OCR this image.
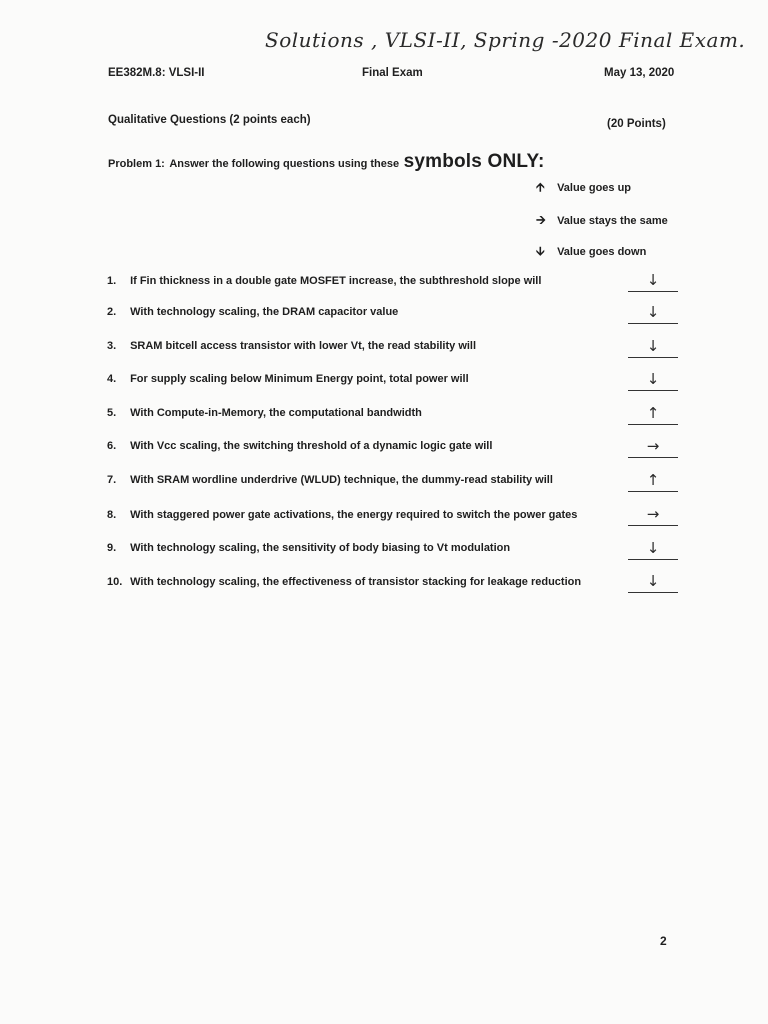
Solutions , VLSI-II, Spring -2020 Final Exam.
EE382M.8: VLSI-II	Final Exam	May 13, 2020
Qualitative Questions (2 points each)	(20 Points)
Problem 1: Answer the following questions using these symbols ONLY:
🡩 Value goes up
🡪 Value stays the same
🡫 Value goes down
1. If Fin thickness in a double gate MOSFET increase, the subthreshold slope will	↓
2. With technology scaling, the DRAM capacitor value	↓
3. SRAM bitcell access transistor with lower Vt, the read stability will	↓
4. For supply scaling below Minimum Energy point, total power will	↓
5. With Compute-in-Memory, the computational bandwidth	↑
6. With Vcc scaling, the switching threshold of a dynamic logic gate will	→
7. With SRAM wordline underdrive (WLUD) technique, the dummy-read stability will	↑
8. With staggered power gate activations, the energy required to switch the power gates	→
9. With technology scaling, the sensitivity of body biasing to Vt modulation	↓
10. With technology scaling, the effectiveness of transistor stacking for leakage reduction	↓
2
